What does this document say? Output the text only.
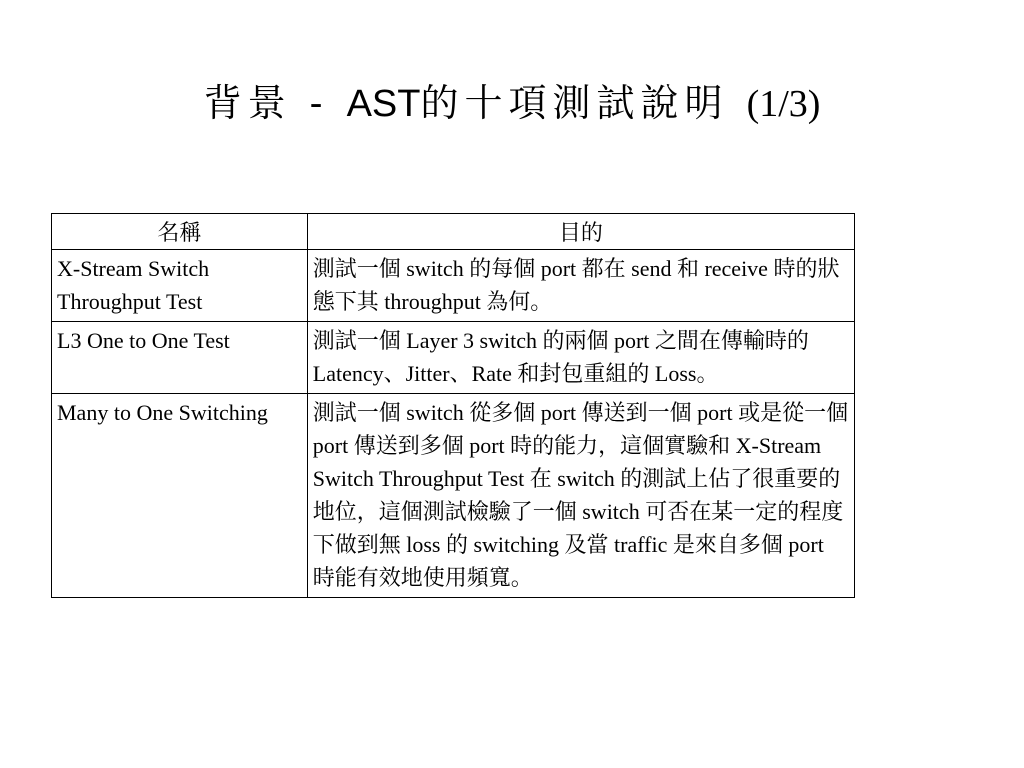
背景 - AST的十項測試說明 (1/3)
名稱	目的
X-Stream Switch Throughput Test	測試一個 switch 的每個 port 都在 send 和 receive 時的狀態下其 throughput 為何。
L3 One to One Test	測試一個 Layer 3 switch 的兩個 port 之間在傳輸時的 Latency、Jitter、Rate 和封包重組的 Loss。
Many to One Switching	測試一個 switch 從多個 port 傳送到一個 port 或是從一個 port 傳送到多個 port 時的能力，這個實驗和 X-Stream Switch Throughput Test 在 switch 的測試上佔了很重要的地位，這個測試檢驗了一個 switch 可否在某一定的程度下做到無 loss 的 switching 及當 traffic 是來自多個 port 時能有效地使用頻寬。
